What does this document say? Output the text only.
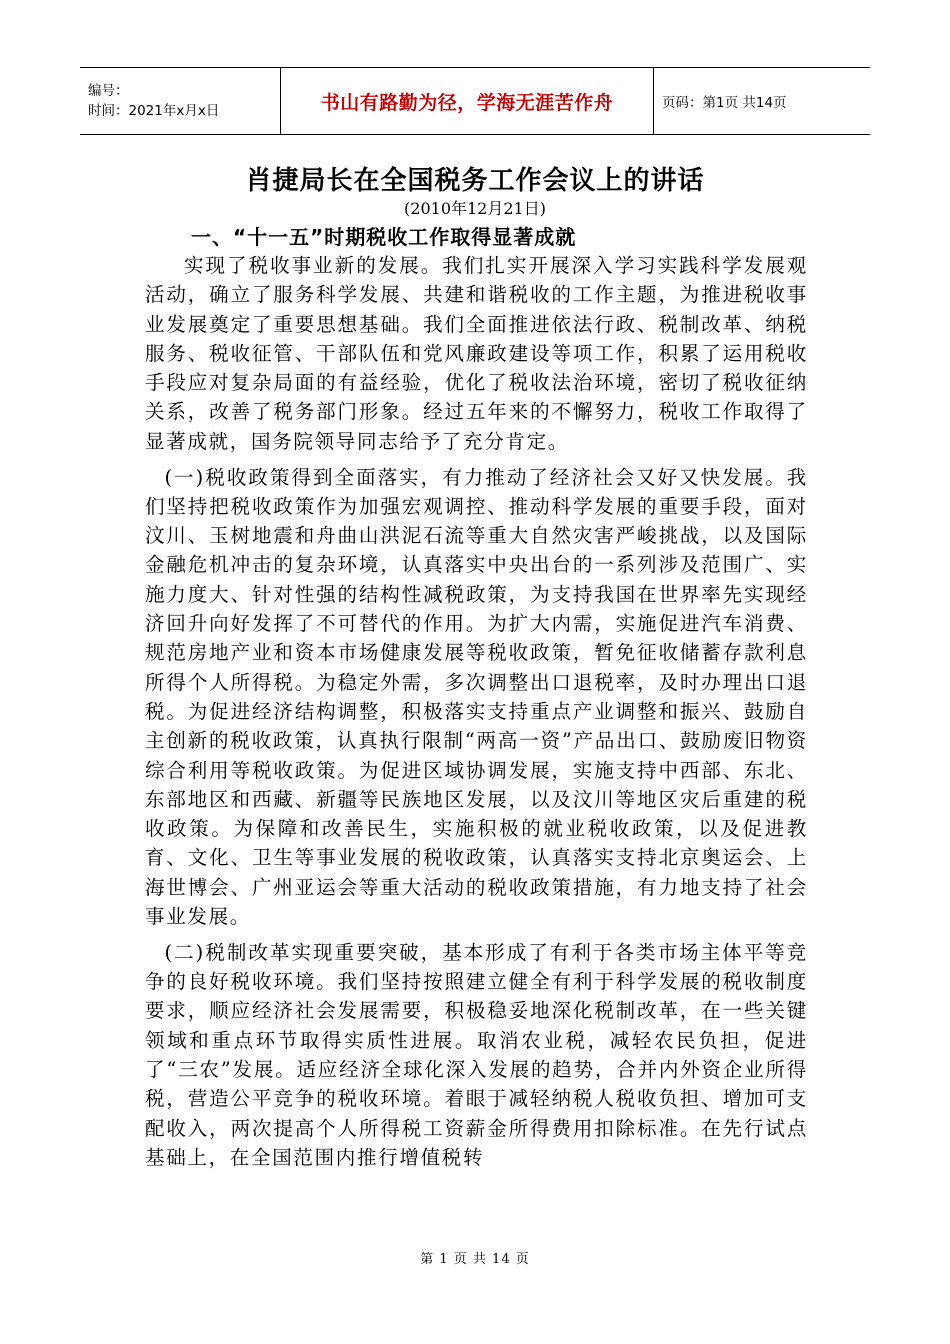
编号：
时间：2021年x月x日	书山有路勤为径，学海无涯苦作舟	页码：第1页 共14页
肖捷局长在全国税务工作会议上的讲话
(2010年12月21日)
一、“十一五”时期税收工作取得显著成就

实现了税收事业新的发展。我们扎实开展深入学习实践科学发展观活动，确立了服务科学发展、共建和谐税收的工作主题，为推进税收事业发展奠定了重要思想基础。我们全面推进依法行政、税制改革、纳税服务、税收征管、干部队伍和党风廉政建设等项工作，积累了运用税收手段应对复杂局面的有益经验，优化了税收法治环境，密切了税收征纳关系，改善了税务部门形象。经过五年来的不懈努力，税收工作取得了显著成就，国务院领导同志给予了充分肯定。

(一)税收政策得到全面落实，有力推动了经济社会又好又快发展。我们坚持把税收政策作为加强宏观调控、推动科学发展的重要手段，面对汶川、玉树地震和舟曲山洪泥石流等重大自然灾害严峻挑战，以及国际金融危机冲击的复杂环境，认真落实中央出台的一系列涉及范围广、实施力度大、针对性强的结构性减税政策，为支持我国在世界率先实现经济回升向好发挥了不可替代的作用。为扩大内需，实施促进汽车消费、规范房地产业和资本市场健康发展等税收政策，暂免征收储蓄存款利息所得个人所得税。为稳定外需，多次调整出口退税率，及时办理出口退税。为促进经济结构调整，积极落实支持重点产业调整和振兴、鼓励自主创新的税收政策，认真执行限制“两高一资”产品出口、鼓励废旧物资综合利用等税收政策。为促进区域协调发展，实施支持中西部、东北、东部地区和西藏、新疆等民族地区发展，以及汶川等地区灾后重建的税收政策。为保障和改善民生，实施积极的就业税收政策，以及促进教育、文化、卫生等事业发展的税收政策，认真落实支持北京奥运会、上海世博会、广州亚运会等重大活动的税收政策措施，有力地支持了社会事业发展。

(二)税制改革实现重要突破，基本形成了有利于各类市场主体平等竞争的良好税收环境。我们坚持按照建立健全有利于科学发展的税收制度要求，顺应经济社会发展需要，积极稳妥地深化税制改革，在一些关键领域和重点环节取得实质性进展。取消农业税，减轻农民负担，促进了“三农”发展。适应经济全球化深入发展的趋势，合并内外资企业所得税，营造公平竞争的税收环境。着眼于减轻纳税人税收负担、增加可支配收入，两次提高个人所得税工资薪金所得费用扣除标准。在先行试点基础上，在全国范围内推行增值税转

第 1 页 共 14 页
